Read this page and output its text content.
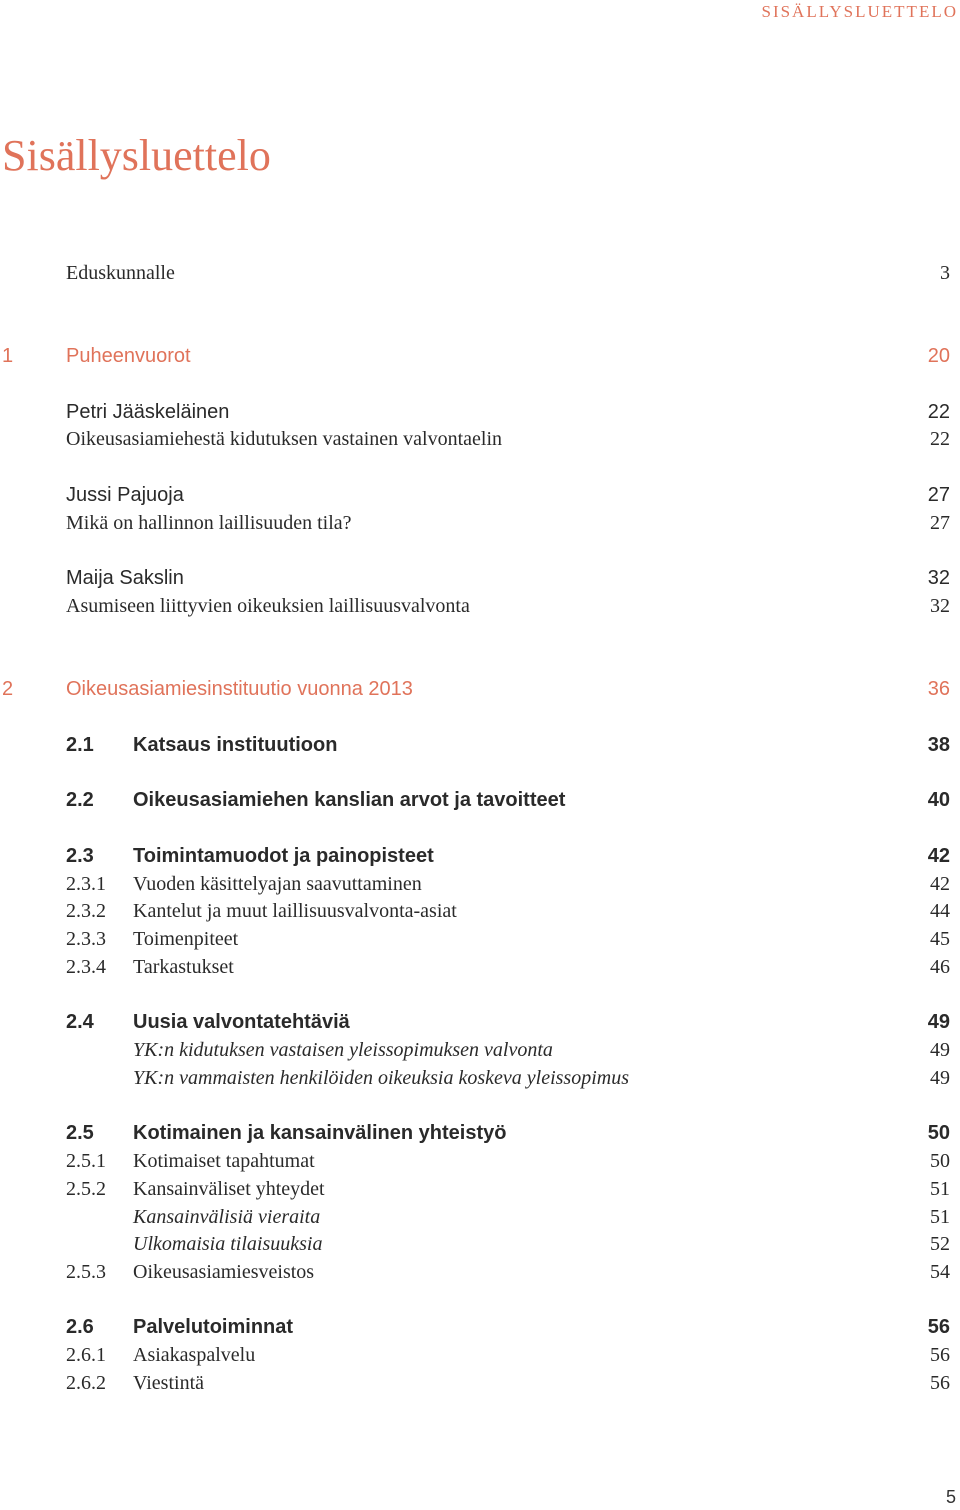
SISÄLLYSLUETTELO
Sisällysluettelo
Eduskunnalle	3
1	Puheenvuorot	20
Petri Jääskeläinen	22
Oikeusasiamiehestä kidutuksen vastainen valvontaelin	22
Jussi Pajuoja	27
Mikä on hallinnon laillisuuden tila?	27
Maija Sakslin	32
Asumiseen liittyvien oikeuksien laillisuusvalvonta	32
2	Oikeusasiamiesinstituutio vuonna 2013	36
2.1 Katsaus instituutioon	38
2.2 Oikeusasiamiehen kanslian arvot ja tavoitteet	40
2.3 Toimintamuodot ja painopisteet	42
2.3.1 Vuoden käsittelyajan saavuttaminen	42
2.3.2 Kantelut ja muut laillisuusvalvonta-asiat	44
2.3.3 Toimenpiteet	45
2.3.4 Tarkastukset	46
2.4 Uusia valvontatehtäviä	49
YK:n kidutuksen vastaisen yleissopimuksen valvonta	49
YK:n vammaisten henkilöiden oikeuksia koskeva yleissopimus	49
2.5 Kotimainen ja kansainvälinen yhteistyö	50
2.5.1 Kotimaiset tapahtumat	50
2.5.2 Kansainväliset yhteydet	51
Kansainvälisiä vieraita	51
Ulkomaisia tilaisuuksia	52
2.5.3 Oikeusasiamiesveistos	54
2.6 Palvelutoiminnat	56
2.6.1 Asiakaspalvelu	56
2.6.2 Viestintä	56
5
